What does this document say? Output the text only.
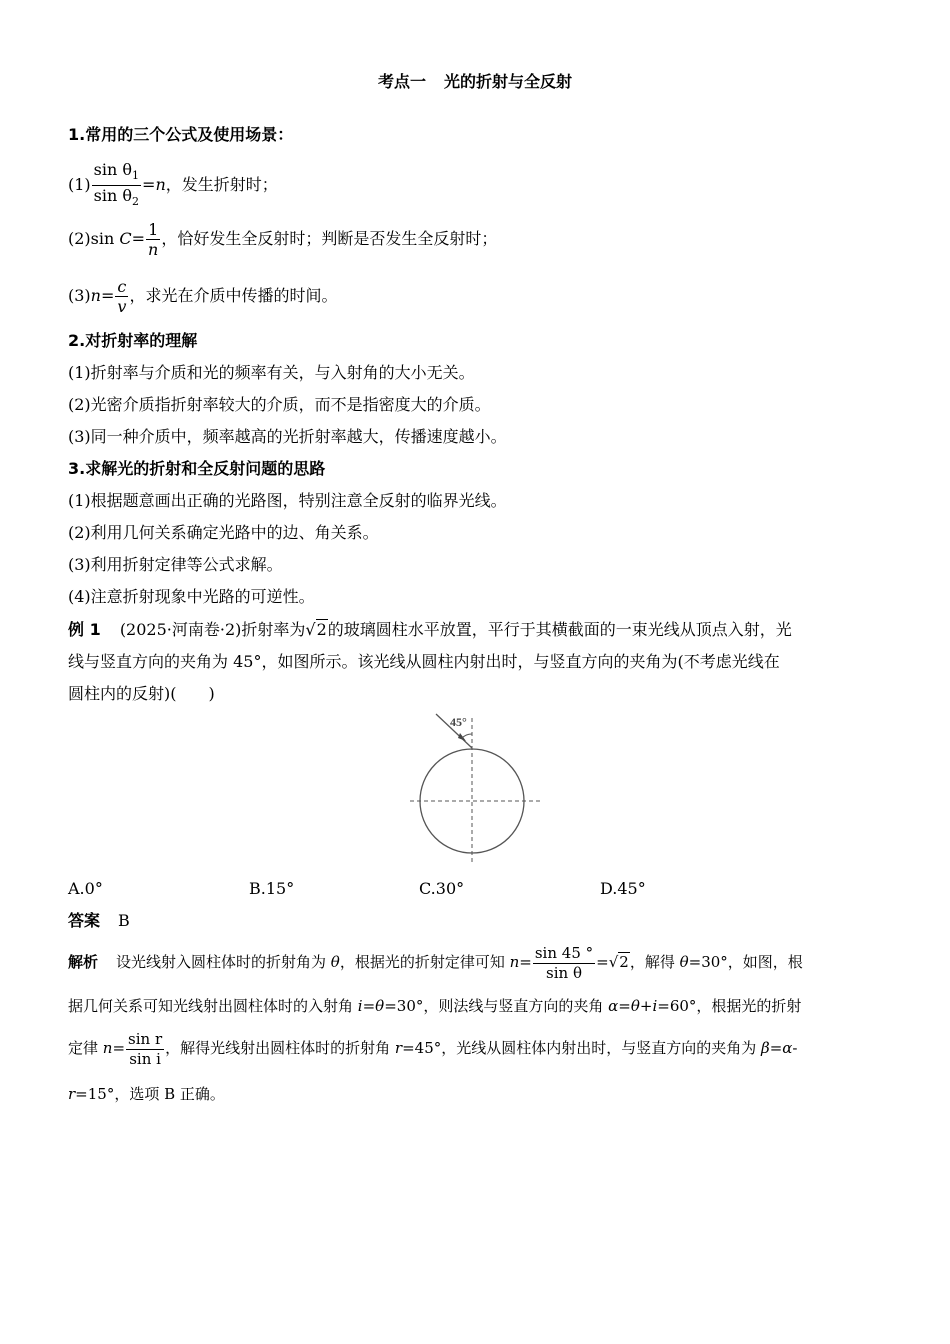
考点一 光的折射与全反射
1.常用的三个公式及使用场景：
$(1) \frac{\sin \theta_1}{\sin \theta_2} =n$，发生折射时；
(2)sin $C= \frac{1}{n}$ ，恰好发生全反射时；判断是否发生全反射时；
$(3)n= \frac{c}{v}$ ，求光在介质中传播的时间。
2.对折射率的理解
(1)折射率与介质和光的频率有关，与入射角的大小无关。
(2)光密介质指折射率较大的介质，而不是指密度大的介质。
(3)同一种介质中，频率越高的光折射率越大，传播速度越小。
3.求解光的折射和全反射问题的思路
(1)根据题意画出正确的光路图，特别注意全反射的临界光线。
(2)利用几何关系确定光路中的边、角关系。
(3)利用折射定律等公式求解。
(4)注意折射现象中光路的可逆性。
例 1 (2025·河南卷·2)折射率为√2的玻璃圆柱水平放置，平行于其横截面的一束光线从顶点入射，光
线与竖直方向的夹角为 45°，如图所示。该光线从圆柱内射出时，与竖直方向的夹角为(不考虑光线在
圆柱内的反射)(　　)
45°
A.0°	B.15°	C.30°	D.45°
答案 B
解析 设光线射入圆柱体时的折射角为 θ，根据光的折射定律可知 $n= \frac{\sin 45 ^\circ}{\text{sin θ}} =√2$，解得 θ=30°，如图，根
据几何关系可知光线射出圆柱体时的入射角 i=θ=30°，则法线与竖直方向的夹角 α=θ+i=60°，根据光的折射
定律 $n= \frac{\text{sin r}}{\text{sin i}}$ ，解得光线射出圆柱体时的折射角 r=45°，光线从圆柱体内射出时，与竖直方向的夹角为 β=α-
r=15°，选项 B 正确。
